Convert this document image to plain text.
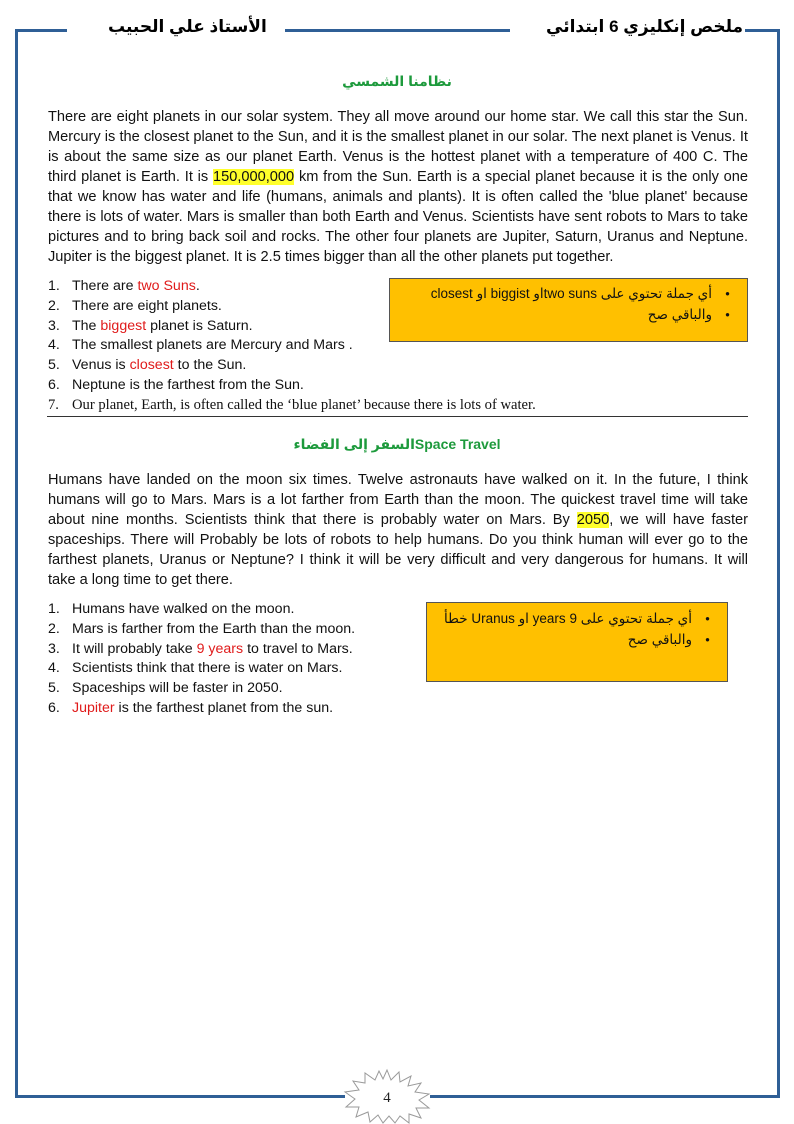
الأستاذ علي الحبيب	ملخص إنكليزي 6 ابتدائي
نظامنا الشمسي
There are eight planets in our solar system. They all move around our home star. We call this star the Sun. Mercury is the closest planet to the Sun, and it is the smallest planet in our solar. The next planet is Venus. It is about the same size as our planet Earth. Venus is the hottest planet with a temperature of 400 C. The third planet is Earth. It is 150,000,000 km from the Sun. Earth is a special planet because it is the only one that we know has water and life (humans, animals and plants). It is often called the 'blue planet' because there is lots of water. Mars is smaller than both Earth and Venus. Scientists have sent robots to Mars to take pictures and to bring back soil and rocks. The other four planets are Jupiter, Saturn, Uranus and Neptune. Jupiter is the biggest planet. It is 2.5 times bigger than all the other planets put together.
1. There are two Suns.
2. There are eight planets.
3. The biggest planet is Saturn.
4. The smallest planets are Mercury and Mars .
5. Venus is closest to the Sun.
6. Neptune is the farthest from the Sun.
7. Our planet, Earth, is often called the ‘blue planet’ because there is lots of water.
● أي جملة تحتوي على two sunsاو biggist او closest
● والباقي صح
السفر إلى الفضاءSpace Travel
Humans have landed on the moon six times. Twelve astronauts have walked on it. In the future, I think humans will go to Mars. Mars is a lot farther from Earth than the moon. The quickest travel time will take about nine months. Scientists think that there is probably water on Mars. By 2050, we will have faster spaceships. There will Probably be lots of robots to help humans. Do you think human will ever go to the farthest planets, Uranus or Neptune? I think it will be very difficult and very dangerous for humans. It will take a long time to get there.
1. Humans have walked on the moon.
2. Mars is farther from the Earth than the moon.
3. It will probably take 9 years to travel to Mars.
4. Scientists think that there is water on Mars.
5. Spaceships will be faster in 2050.
6. Jupiter is the farthest planet from the sun.
● أي جملة تحتوي على 9 years او Uranus خطأ
● والباقي صح
4
